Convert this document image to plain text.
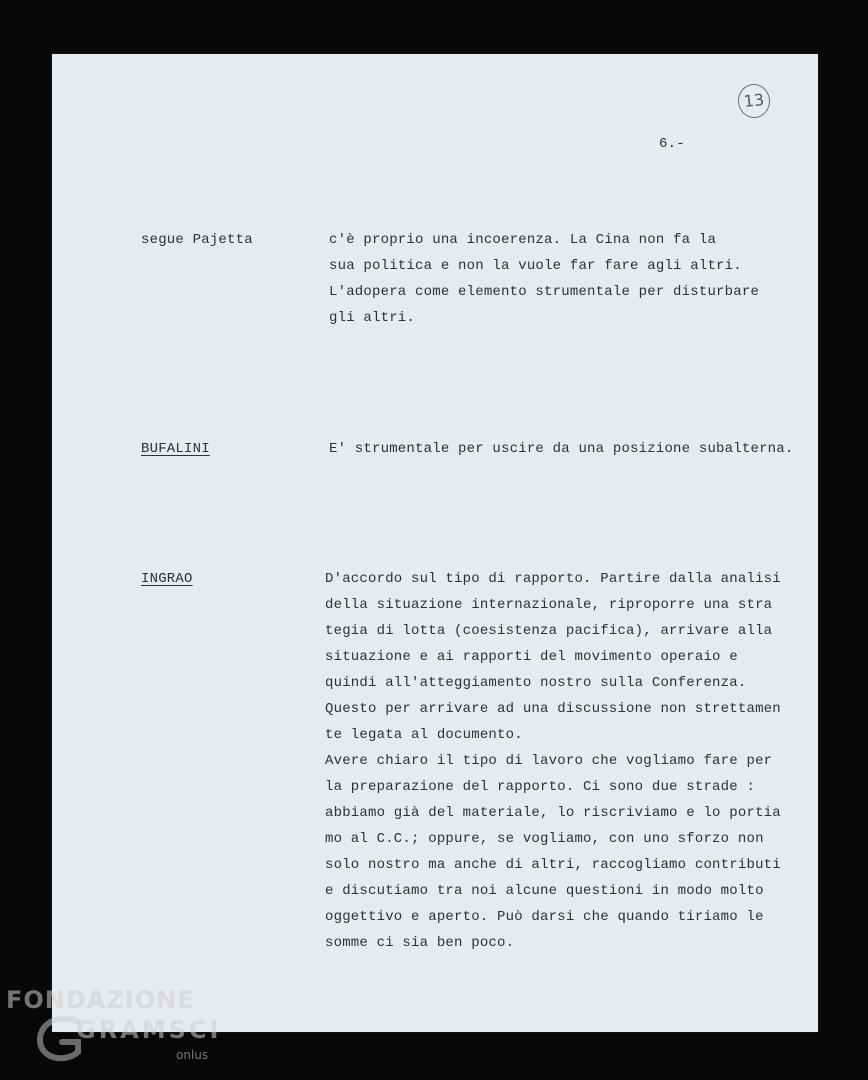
6.-
13
segue Pajetta	c'è proprio una incoerenza. La Cina non fa la
sua politica e non la vuole far fare agli altri.
L'adopera come elemento strumentale per disturbare
gli altri.
BUFALINI	E' strumentale per uscire da una posizione subalterna.
INGRAO	D'accordo sul tipo di rapporto. Partire dalla analisi
della situazione internazionale, riproporre una stra
tegia di lotta (coesistenza pacifica), arrivare alla
situazione e ai rapporti del movimento operaio e
quindi all'atteggiamento nostro sulla Conferenza.
Questo per arrivare ad una discussione non strettamen
te legata al documento.
Avere chiaro il tipo di lavoro che vogliamo fare per
la preparazione del rapporto. Ci sono due strade :
abbiamo già del materiale, lo riscriviamo e lo portia
mo al C.C.; oppure, se vogliamo, con uno sforzo non
solo nostro ma anche di altri, raccogliamo contributi
e discutiamo tra noi alcune questioni in modo molto
oggettivo e aperto. Può darsi che quando tiriamo le
somme ci sia ben poco.
FONDAZIONE
GRAMSCI
onlus
